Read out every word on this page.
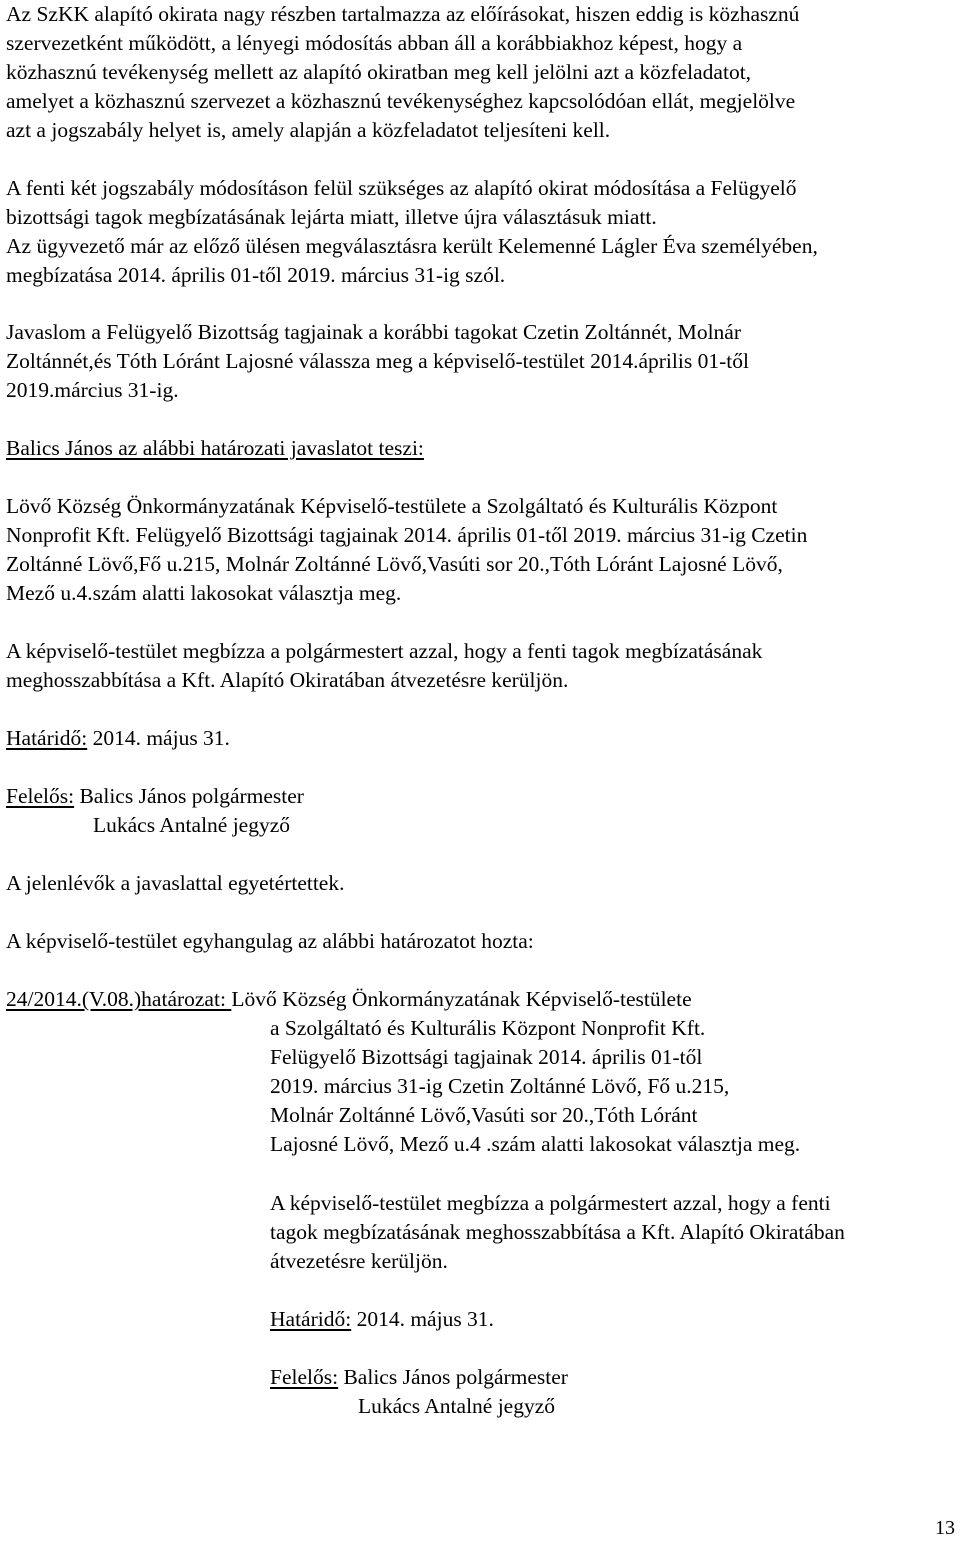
Az SzKK alapító okirata nagy részben tartalmazza az előírásokat, hiszen eddig is közhasznú
szervezetként működött, a lényegi módosítás abban áll a korábbiakhoz képest, hogy a
közhasznú tevékenység mellett az alapító okiratban meg kell jelölni azt a közfeladatot,
amelyet a közhasznú szervezet a közhasznú tevékenységhez kapcsolódóan ellát, megjelölve
azt a jogszabály helyet is, amely alapján a közfeladatot teljesíteni kell.
A fenti két jogszabály módosításon felül szükséges az alapító okirat módosítása a Felügyelő
bizottsági tagok megbízatásának lejárta miatt, illetve újra választásuk miatt.
Az ügyvezető már az előző ülésen megválasztásra került Kelemenné Lágler Éva személyében,
megbízatása 2014. április 01-től 2019. március 31-ig szól.
Javaslom a Felügyelő Bizottság tagjainak a korábbi tagokat Czetin Zoltánnét, Molnár
Zoltánnét,és Tóth Lóránt Lajosné válassza meg a képviselő-testület 2014.április 01-től
2019.március 31-ig.
Balics János az alábbi határozati javaslatot teszi:
Lövő Község Önkormányzatának Képviselő-testülete a Szolgáltató és Kulturális Központ
Nonprofit Kft. Felügyelő Bizottsági tagjainak 2014. április 01-től 2019. március 31-ig Czetin
Zoltánné Lövő,Fő u.215, Molnár Zoltánné Lövő,Vasúti sor 20.,Tóth Lóránt Lajosné Lövő,
Mező u.4.szám alatti lakosokat választja meg.
A képviselő-testület megbízza a polgármestert azzal, hogy a fenti tagok megbízatásának
meghosszabbítása a Kft. Alapító Okiratában átvezetésre kerüljön.
Határidő: 2014. május 31.
Felelős: Balics János polgármester
Lukács Antalné jegyző
A jelenlévők a javaslattal egyetértettek.
A képviselő-testület egyhangulag az alábbi határozatot hozta:
24/2014.(V.08.)határozat: Lövő Község Önkormányzatának Képviselő-testülete
a Szolgáltató és Kulturális Központ Nonprofit Kft.
Felügyelő Bizottsági tagjainak 2014. április 01-től
2019. március 31-ig Czetin Zoltánné Lövő, Fő u.215,
Molnár Zoltánné Lövő,Vasúti sor 20.,Tóth Lóránt
Lajosné Lövő, Mező u.4 .szám alatti lakosokat választja meg.
A képviselő-testület megbízza a polgármestert azzal, hogy a fenti
tagok megbízatásának meghosszabbítása a Kft. Alapító Okiratában
átvezetésre kerüljön.
Határidő: 2014. május 31.
Felelős: Balics János polgármester
Lukács Antalné jegyző
13
